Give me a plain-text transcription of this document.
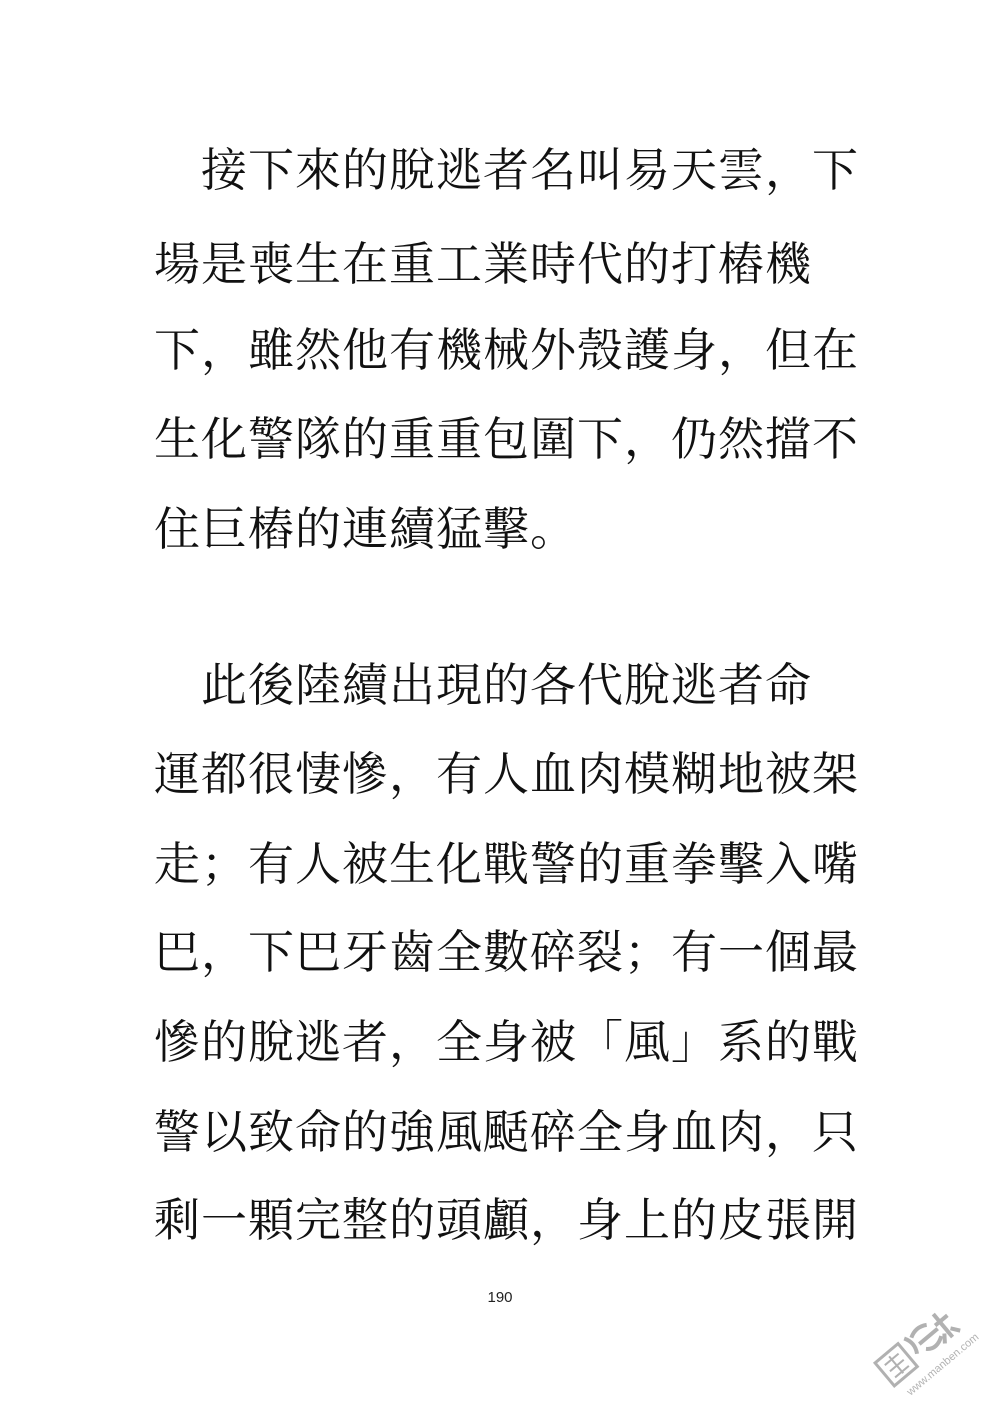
　接下來的脫逃者名叫易天雲，下
場是喪生在重工業時代的打樁機
下，雖然他有機械外殼護身，但在
生化警隊的重重包圍下，仍然擋不
住巨樁的連續猛擊。
　此後陸續出現的各代脫逃者命
運都很悽慘，有人血肉模糊地被架
走；有人被生化戰警的重拳擊入嘴
巴，下巴牙齒全數碎裂；有一個最
慘的脫逃者，全身被「風」系的戰
警以致命的強風颳碎全身血肉，只
剩一顆完整的頭顱，身上的皮張開
190
www.manben.com
